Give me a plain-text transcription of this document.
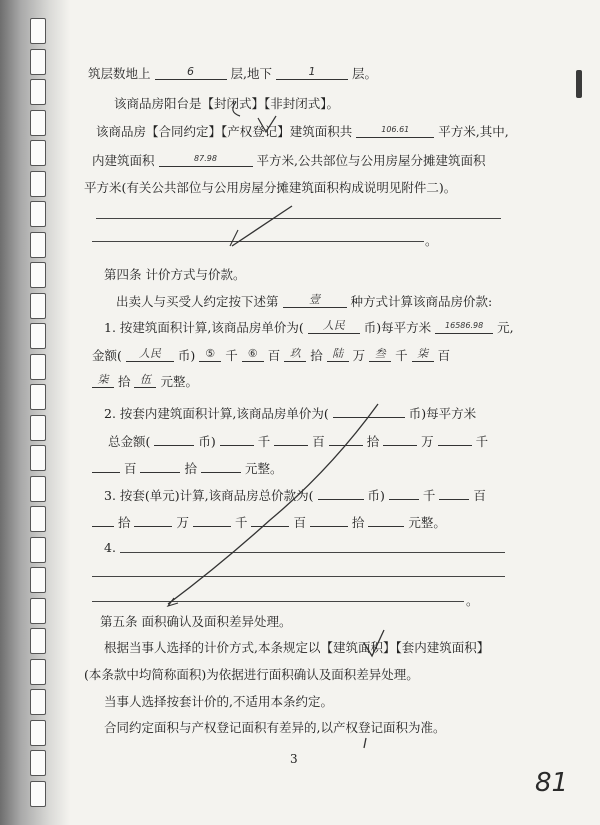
筑层数地上	6	层,地下	1	层。
该商品房阳台是【封闭式】【非封闭式】。
该商品房【合同约定】【产权登记】建筑面积共	$^{106.61}$ 平方米,其中,
内建筑面积	$^{87.98}$	平方米,公共部位与公用房屋分摊建筑面积
平方米(有关公共部位与公用房屋分摊建筑面积构成说明见附件二)。
。
第四条 计价方式与价款。
出卖人与买受人约定按下述第	壹 种方式计算该商品房价款:
1. 按建筑面积计算,该商品房单价为( 人民 币)每平方米 $^{16586.98}$ 元,
金额( 人民 币) ⑤ 千 ⑥ 百 玖 拾 陆 万 叁 千 柒 百
柒 拾 伍 元整。
2. 按套内建筑面积计算,该商品房单价为(	币)每平方米
总金额(	币)	千	百	拾	万	千
百	拾	元整。
3. 按套(单元)计算,该商品房总价款为(	币)	千	百
拾	万	千	百	拾	元整。
4.
。
第五条 面积确认及面积差异处理。
根据当事人选择的计价方式,本条规定以【建筑面积】【套内建筑面积】
(本条款中均简称面积)为依据进行面积确认及面积差异处理。
当事人选择按套计价的,不适用本条约定。
合同约定面积与产权登记面积有差异的,以产权登记面积为准。
3
81
